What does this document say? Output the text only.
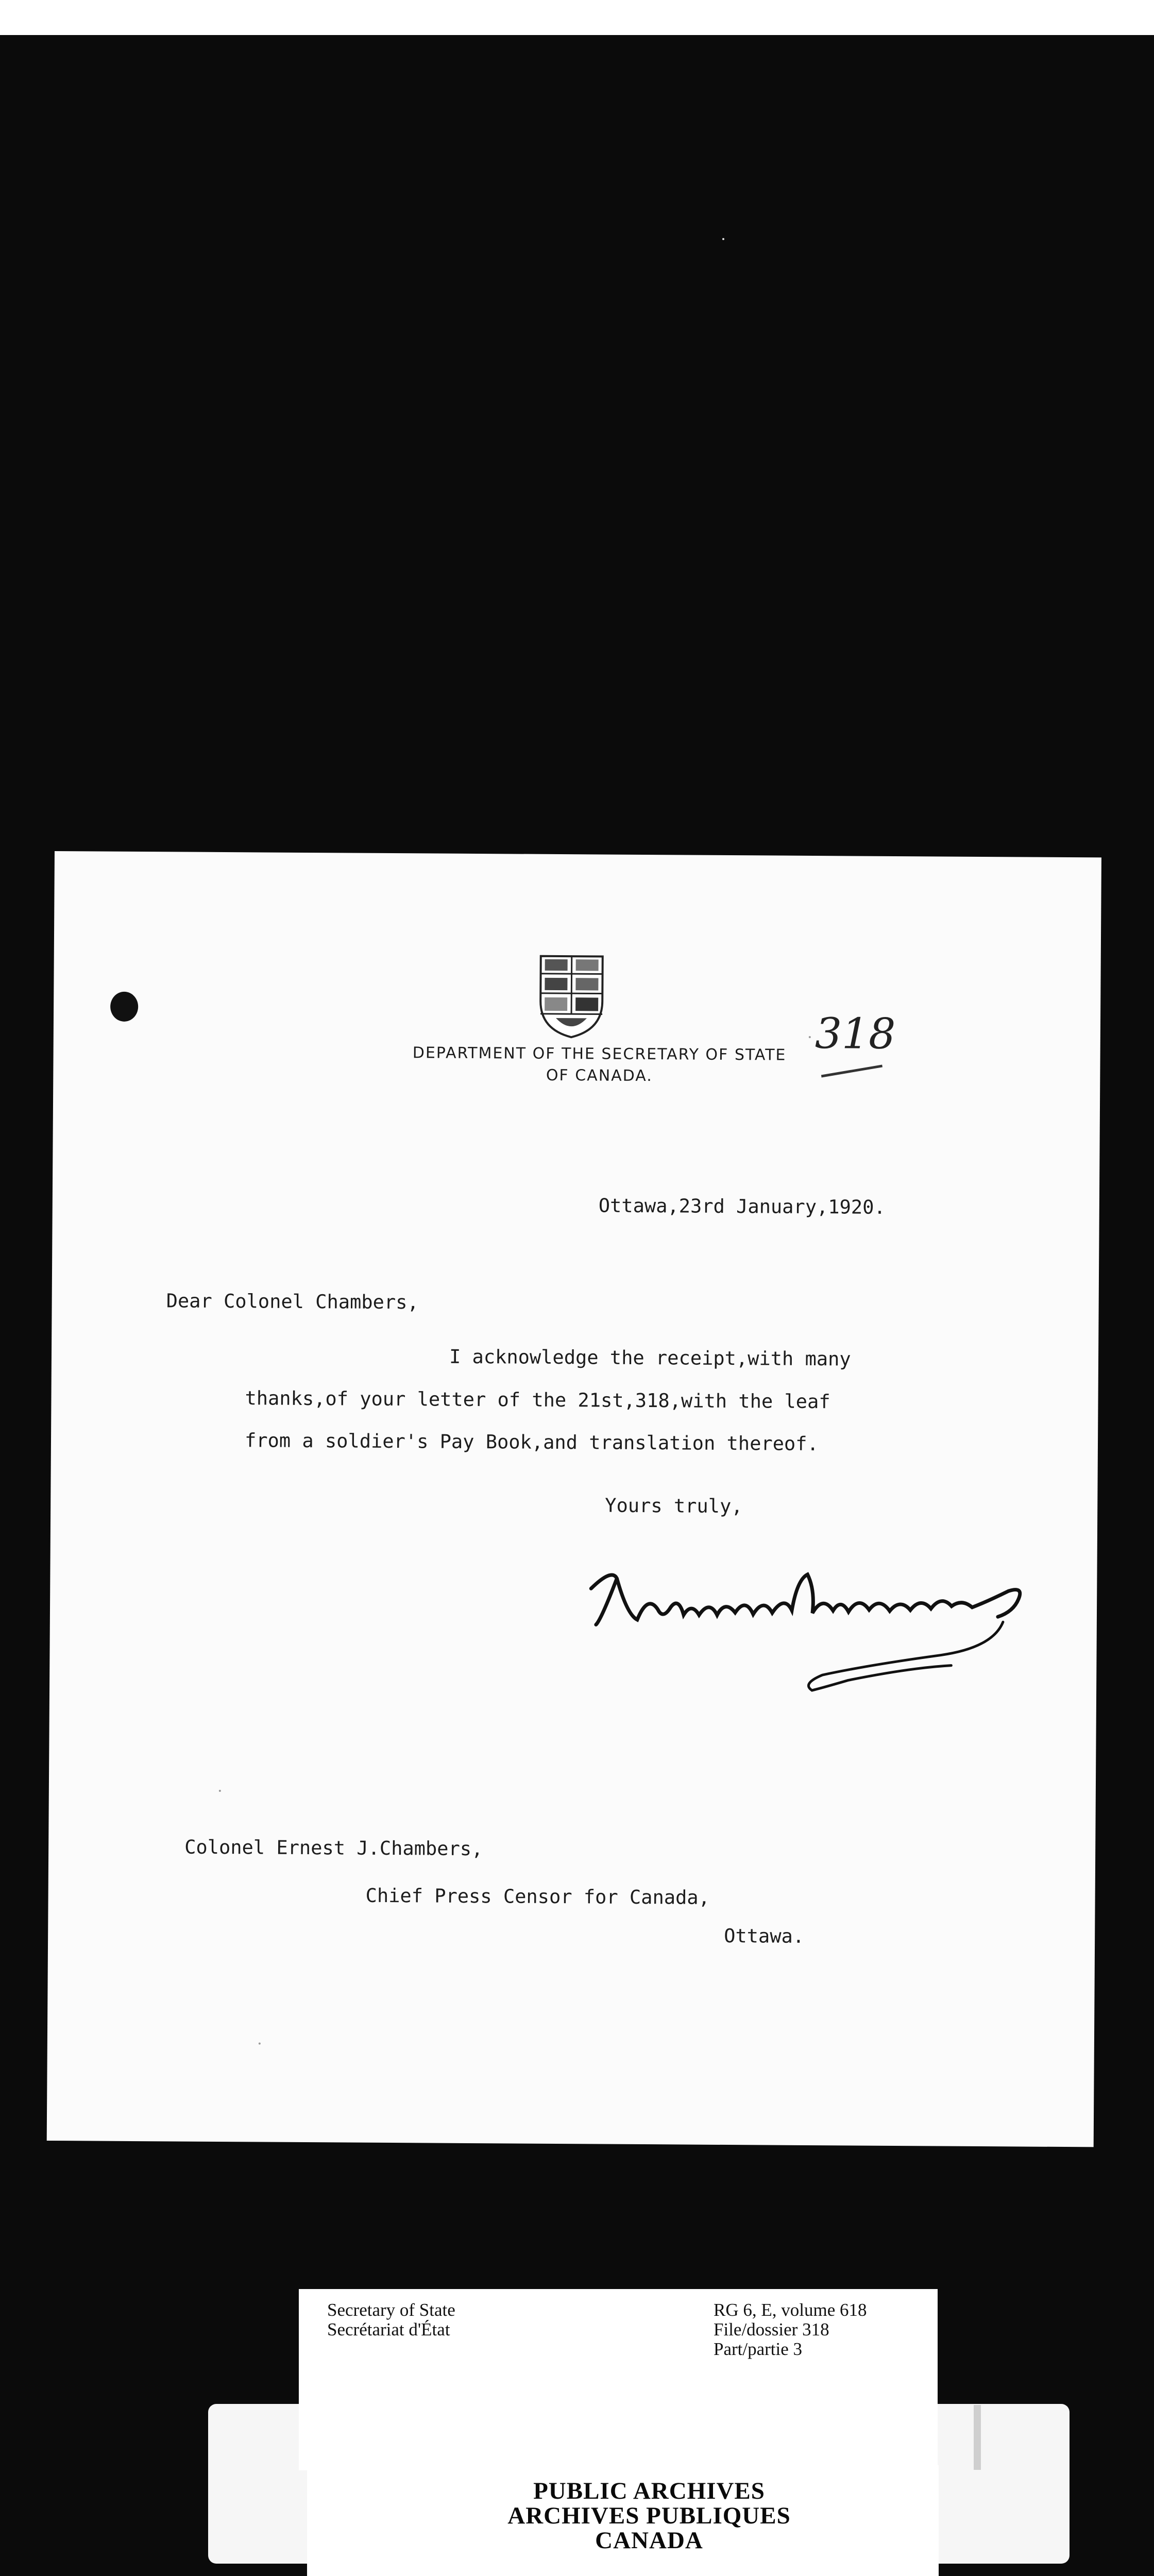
DEPARTMENT OF THE SECRETARY OF STATE
OF CANADA.
318
Ottawa,23rd January,1920.
Dear Colonel Chambers,
I acknowledge the receipt,with many
thanks,of your letter of the 21st,318,with the leaf
from a soldier's Pay Book,and translation thereof.
Yours truly,
Colonel Ernest J.Chambers,
Chief Press Censor for Canada,
Ottawa.
Secretary of State
Secrétariat d'État
RG 6, E, volume 618
File/dossier 318
Part/partie 3
PUBLIC ARCHIVES
ARCHIVES PUBLIQUES
CANADA
